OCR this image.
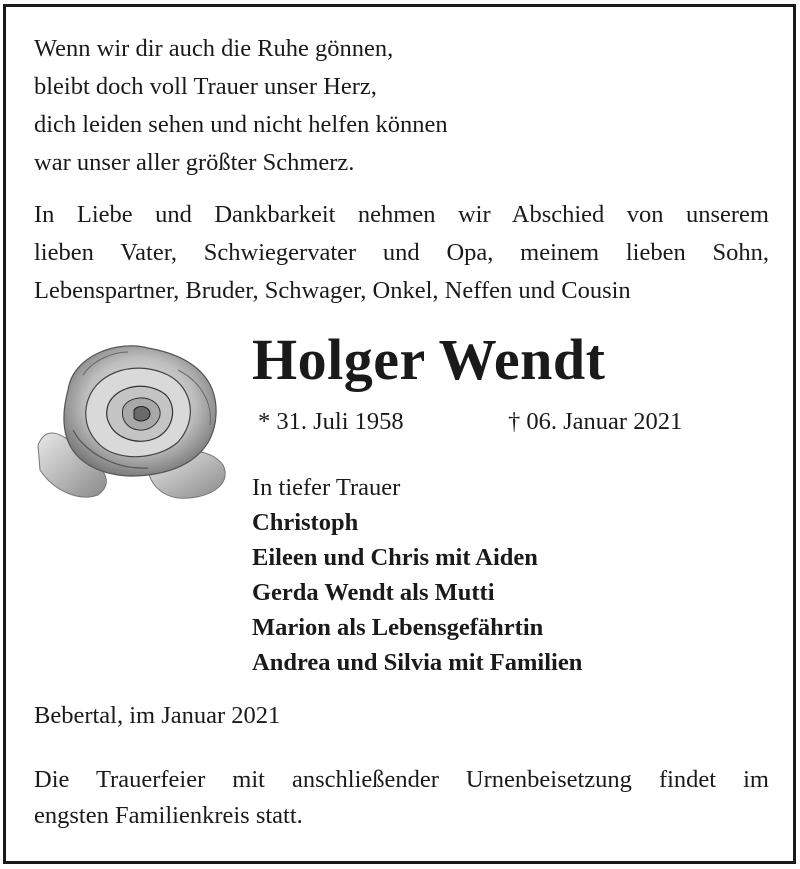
Wenn wir dir auch die Ruhe gönnen,
bleibt doch voll Trauer unser Herz,
dich leiden sehen und nicht helfen können
war unser aller größter Schmerz.
In Liebe und Dankbarkeit nehmen wir Abschied von unserem
lieben Vater, Schwiegervater und Opa, meinem lieben Sohn,
Lebenspartner, Bruder, Schwager, Onkel, Neffen und Cousin
Holger Wendt
* 31. Juli 1958	† 06. Januar 2021
In tiefer Trauer
Christoph
Eileen und Chris mit Aiden
Gerda Wendt als Mutti
Marion als Lebensgefährtin
Andrea und Silvia mit Familien
Bebertal, im Januar 2021
Die Trauerfeier mit anschließender Urnenbeisetzung findet im
engsten Familienkreis statt.
